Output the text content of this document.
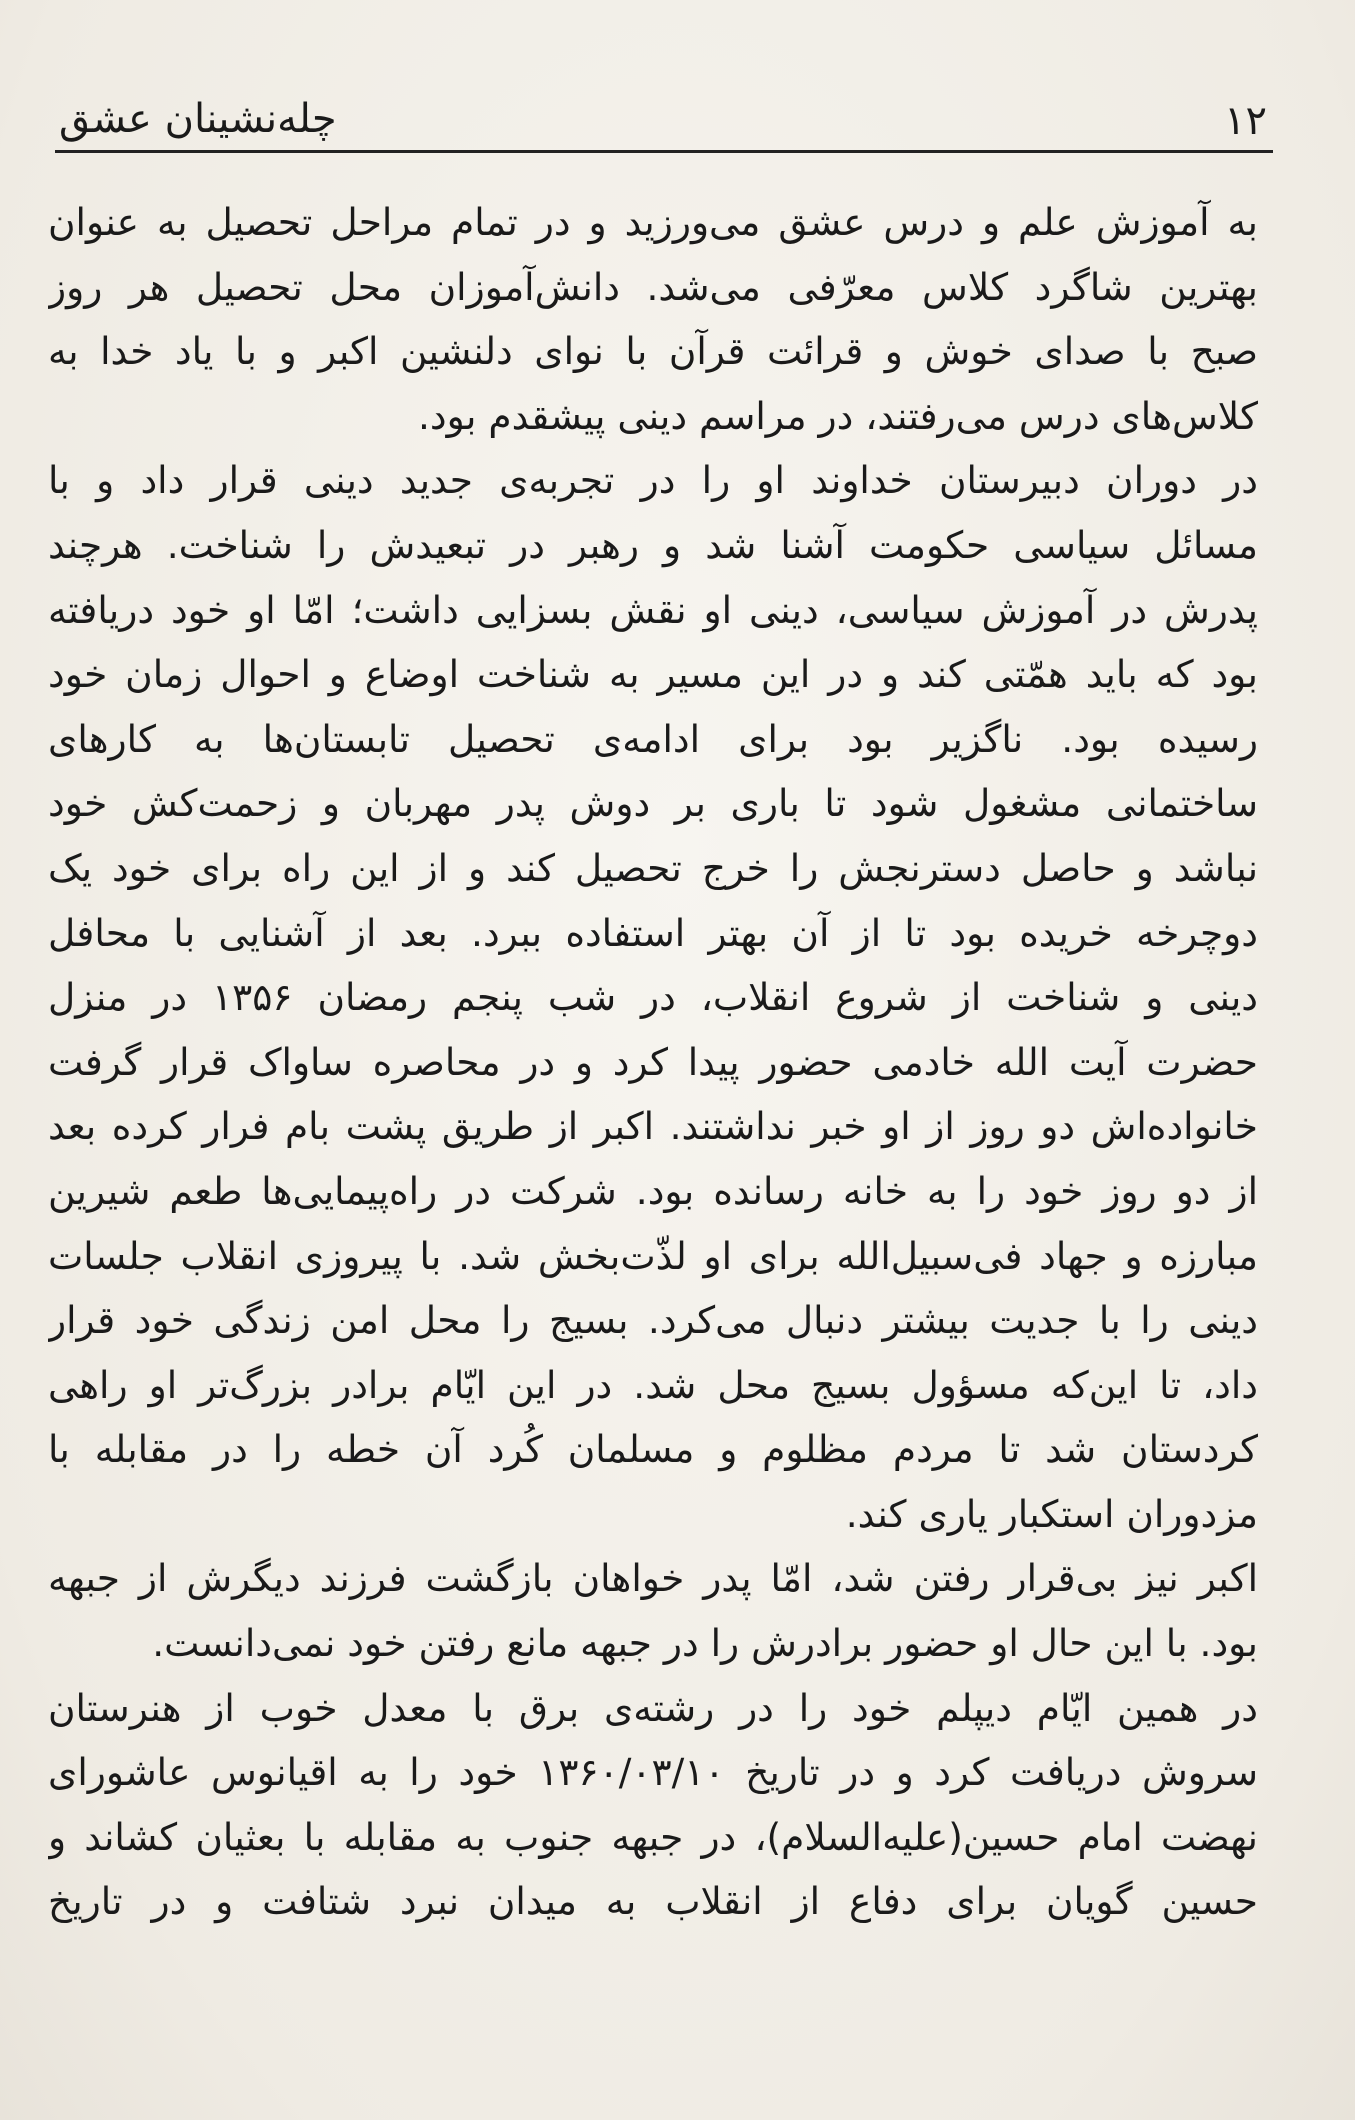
۱۲
چله‌نشینان عشق
به آموزش علم و درس عشق می‌ورزید و در تمام مراحل تحصیل به عنوان
بهترین شاگرد کلاس معرّفی می‌شد. دانش‌آموزان محل تحصیل هر روز
صبح با صدای خوش و قرائت قرآن با نوای دلنشین اکبر و با یاد خدا به
کلاس‌های درس می‌رفتند، در مراسم دینی پیشقدم بود.
در دوران دبیرستان خداوند او را در تجربه‌ی جدید دینی قرار داد و با
مسائل سیاسی حکومت آشنا شد و رهبر در تبعیدش را شناخت. هرچند
پدرش در آموزش سیاسی، دینی او نقش بسزایی داشت؛ امّا او خود دریافته
بود که باید همّتی کند و در این مسیر به شناخت اوضاع و احوال زمان خود
رسیده بود. ناگزیر بود برای ادامه‌ی تحصیل تابستان‌ها به کارهای
ساختمانی مشغول شود تا باری بر دوش پدر مهربان و زحمت‌کش خود
نباشد و حاصل دسترنجش را خرج تحصیل کند و از این راه برای خود یک
دوچرخه خریده بود تا از آن بهتر استفاده ببرد. بعد از آشنایی با محافل
دینی و شناخت از شروع انقلاب، در شب پنجم رمضان ۱۳۵۶ در منزل
حضرت آیت الله خادمی حضور پیدا کرد و در محاصره ساواک قرار گرفت
خانواده‌اش دو روز از او خبر نداشتند. اکبر از طریق پشت بام فرار کرده بعد
از دو روز خود را به خانه رسانده بود. شرکت در راه‌پیمایی‌ها طعم شیرین
مبارزه و جهاد فی‌سبیل‌الله برای او لذّت‌بخش شد. با پیروزی انقلاب جلسات
دینی را با جدیت بیشتر دنبال می‌کرد. بسیج را محل امن زندگی خود قرار
داد، تا این‌که مسؤول بسیج محل شد. در این ایّام برادر بزرگ‌تر او راهی
کردستان شد تا مردم مظلوم و مسلمان کُرد آن خطه را در مقابله با
مزدوران استکبار یاری کند.
اکبر نیز بی‌قرار رفتن شد، امّا پدر خواهان بازگشت فرزند دیگرش از جبهه
بود. با این حال او حضور برادرش را در جبهه مانع رفتن خود نمی‌دانست.
در همین ایّام دیپلم خود را در رشته‌ی برق با معدل خوب از هنرستان
سروش دریافت کرد و در تاریخ ۱۳۶۰/۰۳/۱۰ خود را به اقیانوس عاشورای
نهضت امام حسین(علیه‌السلام)، در جبهه جنوب به مقابله با بعثیان کشاند و
حسین گویان برای دفاع از انقلاب به میدان نبرد شتافت و در تاریخ
